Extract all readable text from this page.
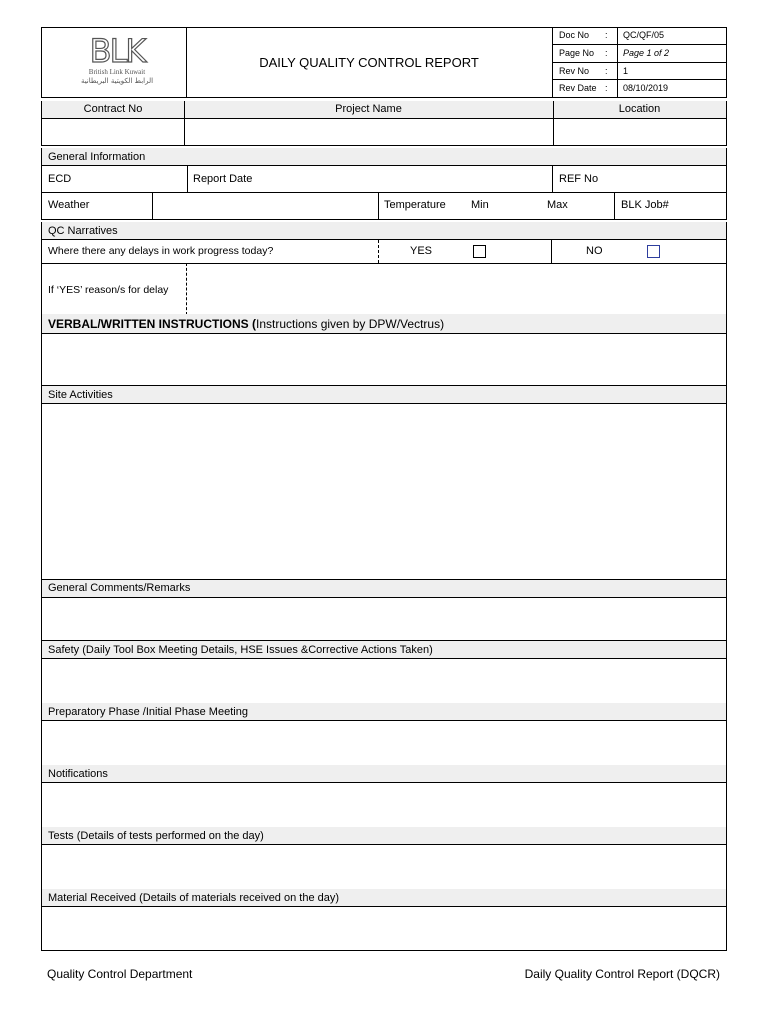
BLK
British Link Kuwait
الرابط الكويتية البريطانية
DAILY QUALITY CONTROL REPORT
Doc No : QC/QF/05
Page No : Page 1 of 2
Rev No : 1
Rev Date : 08/10/2019
Contract No	Project Name	Location
General Information
ECD	Report Date	REF No
Weather	Temperature Min	Max	BLK Job#
QC Narratives
Where there any delays in work progress today?	YES	NO
If ‘YES’ reason/s for delay
VERBAL/WRITTEN INSTRUCTIONS (Instructions given by DPW/Vectrus)
Site Activities
General Comments/Remarks
Safety (Daily Tool Box Meeting Details, HSE Issues &Corrective Actions Taken)
Preparatory Phase /Initial Phase Meeting
Notifications
Tests (Details of tests performed on the day)
Material Received (Details of materials received on the day)
Quality Control Department	Daily Quality Control Report (DQCR)
